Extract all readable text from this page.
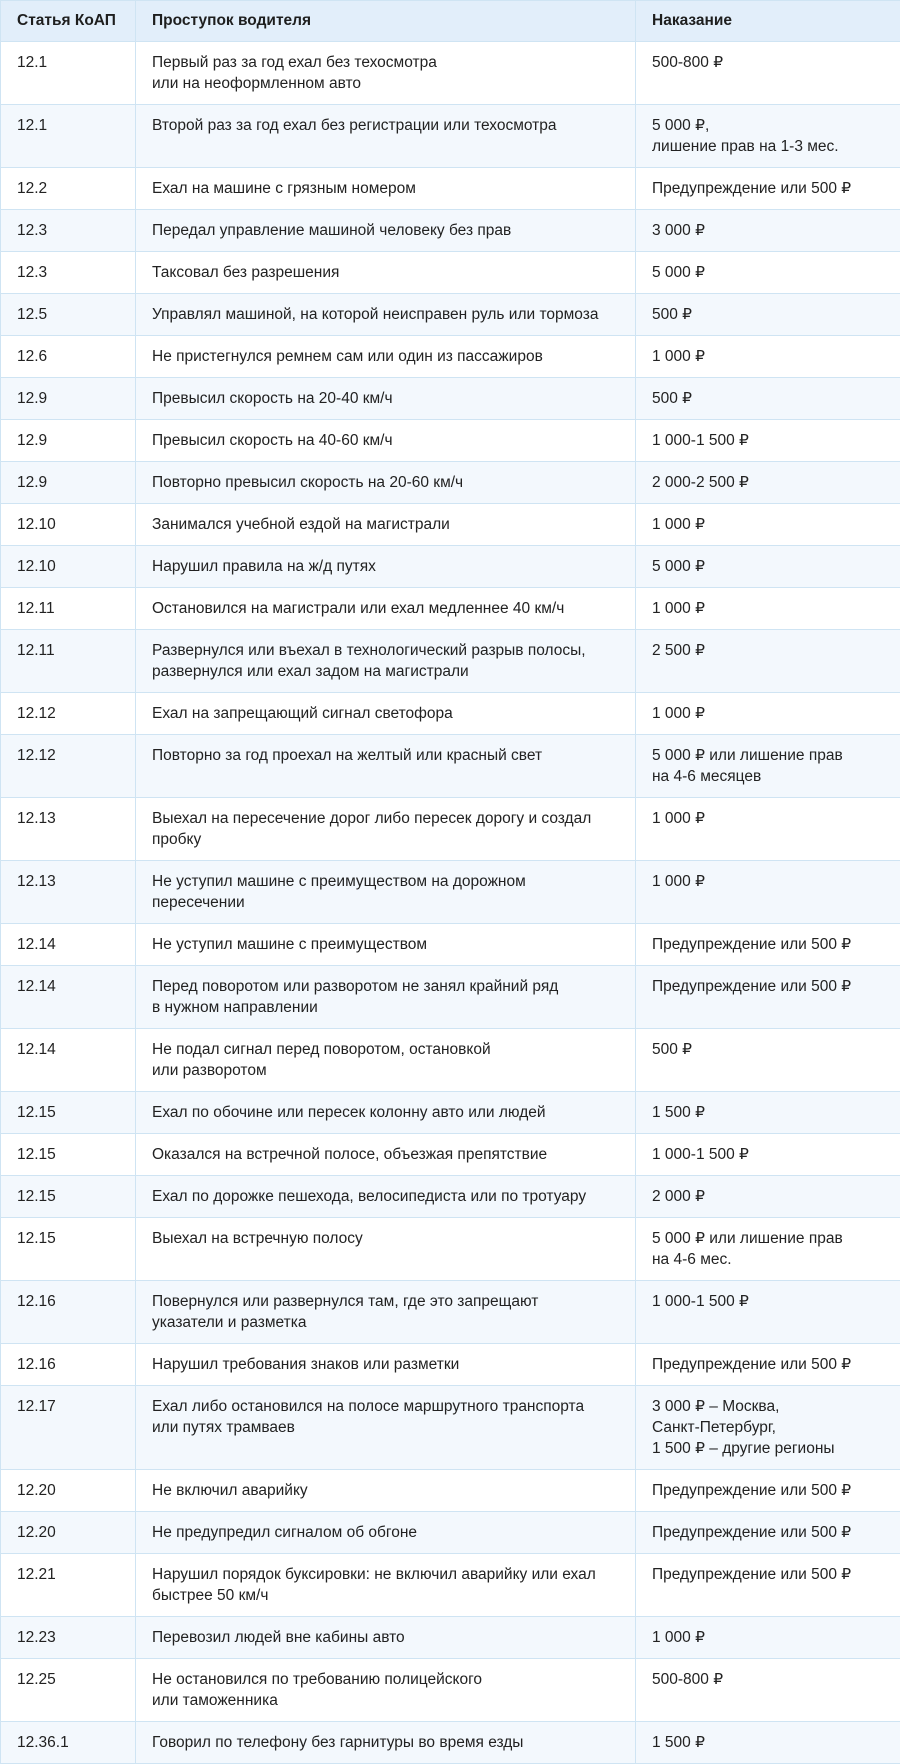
Статья КоАП	Проступок водителя	Наказание
12.1	Первый раз за год ехал без техосмотра
или на неоформленном авто	500-800 ₽
12.1	Второй раз за год ехал без регистрации или техосмотра	5 000 ₽,
лишение прав на 1-3 мес.
12.2	Ехал на машине с грязным номером	Предупреждение или 500 ₽
12.3	Передал управление машиной человеку без прав	3 000 ₽
12.3	Таксовал без разрешения	5 000 ₽
12.5	Управлял машиной, на которой неисправен руль или тормоза	500 ₽
12.6	Не пристегнулся ремнем сам или один из пассажиров	1 000 ₽
12.9	Превысил скорость на 20-40 км/ч	500 ₽
12.9	Превысил скорость на 40-60 км/ч	1 000-1 500 ₽
12.9	Повторно превысил скорость на 20-60 км/ч	2 000-2 500 ₽
12.10	Занимался учебной ездой на магистрали	1 000 ₽
12.10	Нарушил правила на ж/д путях	5 000 ₽
12.11	Остановился на магистрали или ехал медленнее 40 км/ч	1 000 ₽
12.11	Развернулся или въехал в технологический разрыв полосы,
развернулся или ехал задом на магистрали	2 500 ₽
12.12	Ехал на запрещающий сигнал светофора	1 000 ₽
12.12	Повторно за год проехал на желтый или красный свет	5 000 ₽ или лишение прав
на 4-6 месяцев
12.13	Выехал на пересечение дорог либо пересек дорогу и создал
пробку	1 000 ₽
12.13	Не уступил машине с преимуществом на дорожном
пересечении	1 000 ₽
12.14	Не уступил машине с преимуществом	Предупреждение или 500 ₽
12.14	Перед поворотом или разворотом не занял крайний ряд
в нужном направлении	Предупреждение или 500 ₽
12.14	Не подал сигнал перед поворотом, остановкой
или разворотом	500 ₽
12.15	Ехал по обочине или пересек колонну авто или людей	1 500 ₽
12.15	Оказался на встречной полосе, объезжая препятствие	1 000-1 500 ₽
12.15	Ехал по дорожке пешехода, велосипедиста или по тротуару	2 000 ₽
12.15	Выехал на встречную полосу	5 000 ₽ или лишение прав
на 4-6 мес.
12.16	Повернулся или развернулся там, где это запрещают
указатели и разметка	1 000-1 500 ₽
12.16	Нарушил требования знаков или разметки	Предупреждение или 500 ₽
12.17	Ехал либо остановился на полосе маршрутного транспорта
или путях трамваев	3 000 ₽ – Москва,
Санкт-Петербург,
1 500 ₽ – другие регионы
12.20	Не включил аварийку	Предупреждение или 500 ₽
12.20	Не предупредил сигналом об обгоне	Предупреждение или 500 ₽
12.21	Нарушил порядок буксировки: не включил аварийку или ехал
быстрее 50 км/ч	Предупреждение или 500 ₽
12.23	Перевозил людей вне кабины авто	1 000 ₽
12.25	Не остановился по требованию полицейского
или таможенника	500-800 ₽
12.36.1	Говорил по телефону без гарнитуры во время езды	1 500 ₽
